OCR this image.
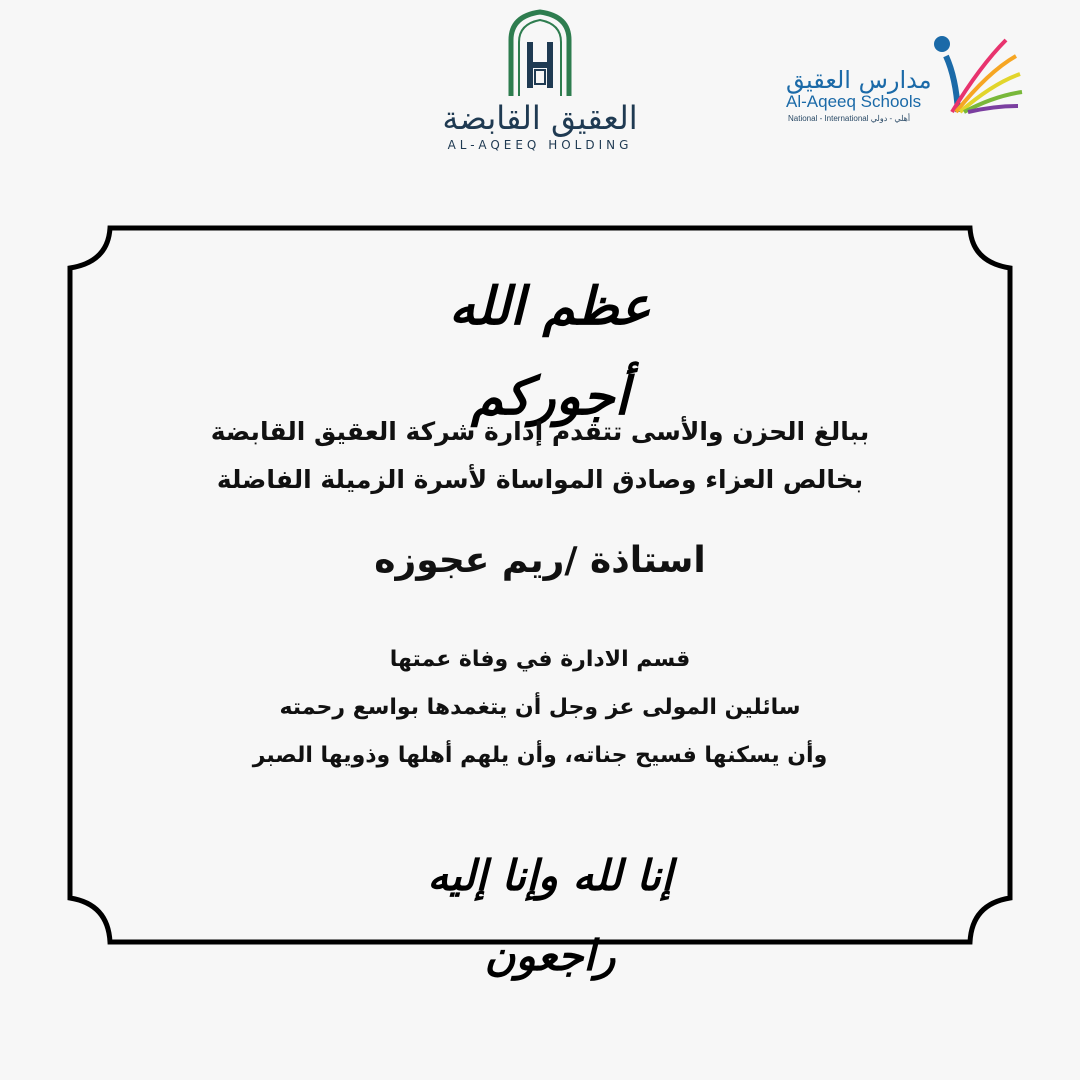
العقيق القابضة
AL-AQEEQ HOLDING
مدارس العقيق
Al-Aqeeq Schools
National - International أهلي - دولي
عظم الله أجوركم
ببالغ الحزن والأسى تتقدم إدارة شركة العقيق القابضة
بخالص العزاء وصادق المواساة لأسرة الزميلة الفاضلة
استاذة /ريم عجوزه
قسم الادارة في وفاة عمتها
سائلين المولى عز وجل أن يتغمدها بواسع رحمته
وأن يسكنها فسيح جناته، وأن يلهم أهلها وذويها الصبر
إنا لله وإنا إليه راجعون
